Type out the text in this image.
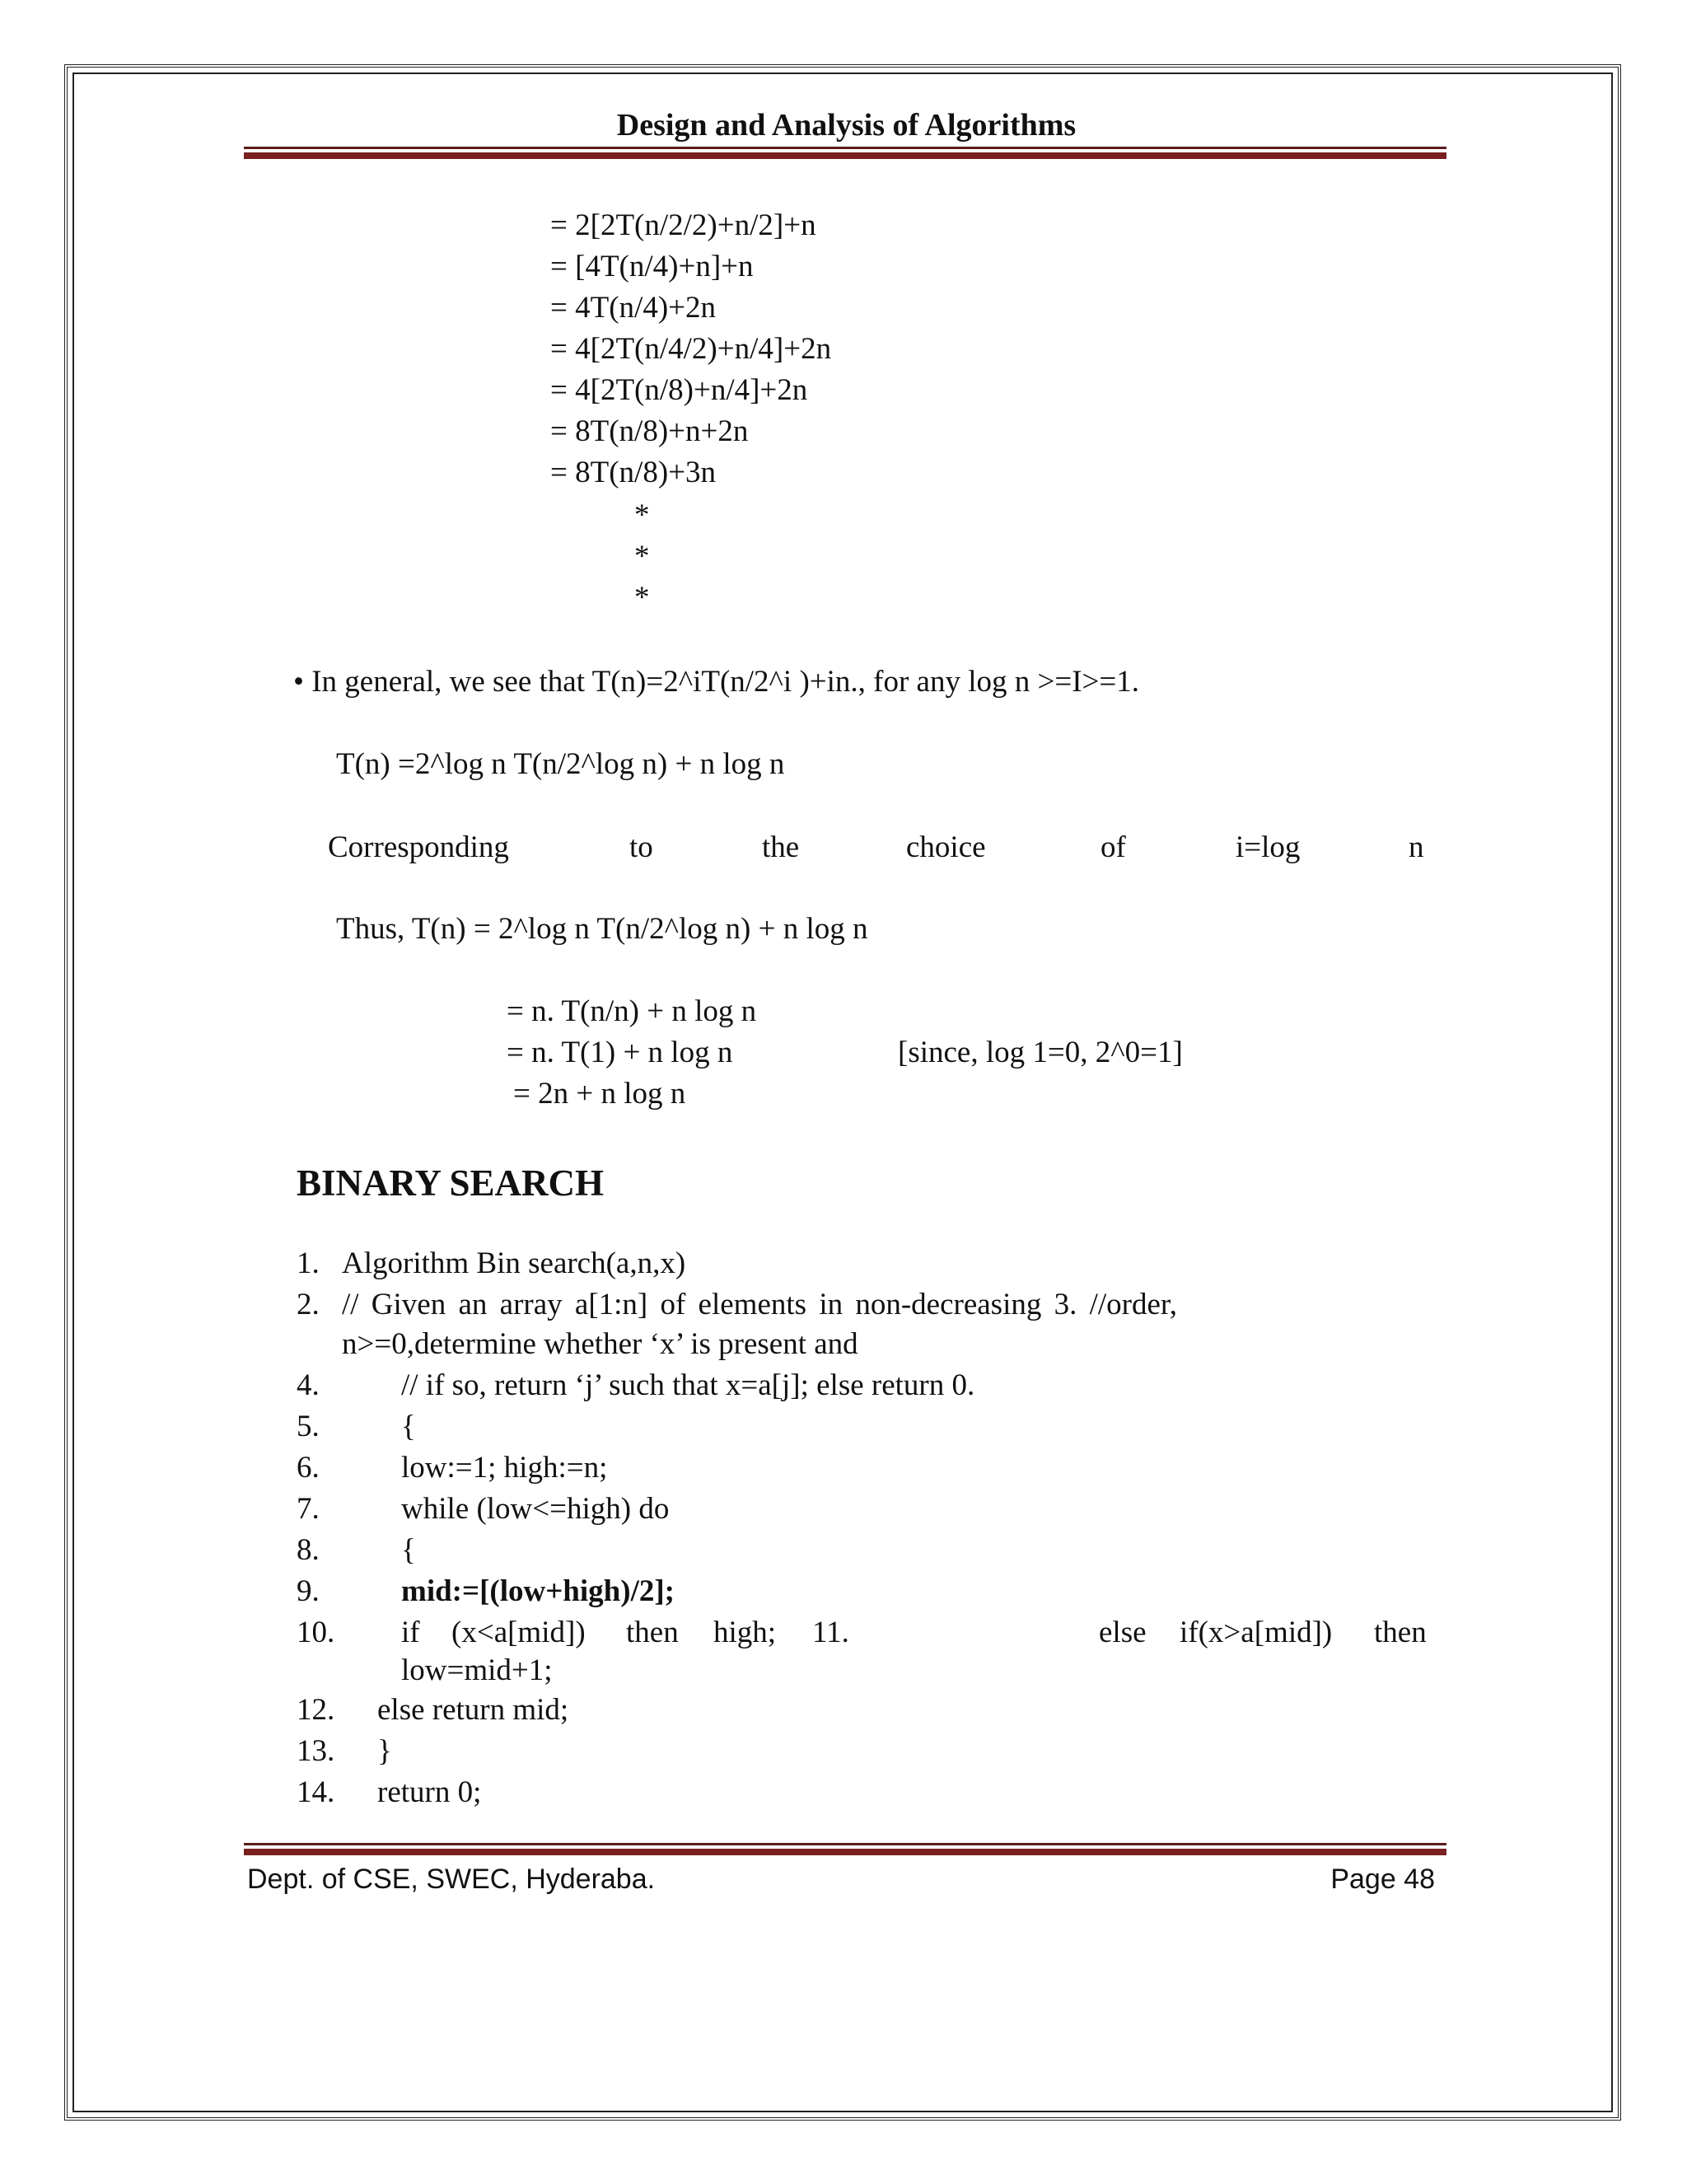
Design and Analysis of Algorithms
= 2[2T(n/2/2)+n/2]+n
= [4T(n/4)+n]+n
= 4T(n/4)+2n
= 4[2T(n/4/2)+n/4]+2n
= 4[2T(n/8)+n/4]+2n
= 8T(n/8)+n+2n
= 8T(n/8)+3n
*
*
*
• In general, we see that T(n)=2^iT(n/2^i )+in., for any log n >=I>=1.
T(n) =2^log n T(n/2^log n) + n log n
Corresponding	to	the	choice	of	i=log	n
Thus, T(n) = 2^log n T(n/2^log n) + n log n
= n. T(n/n) + n log n
= n. T(1) + n log n	[since, log 1=0, 2^0=1]
= 2n + n log n
BINARY SEARCH
1. Algorithm Bin search(a,n,x)
2. // Given an array a[1:n] of elements in non-decreasing 3. //order,
n>=0,determine whether ‘x’ is present and
4.	// if so, return ‘j’ such that x=a[j]; else return 0.
5.	{
6.	low:=1; high:=n;
7.	while (low<=high) do
8.	{
9.	mid:=[(low+high)/2];
10. if (x<a[mid]) then high; 11.	else if(x>a[mid]) then
low=mid+1;
12. else return mid;
13. }
14. return 0;
Dept. of CSE, SWEC, Hyderaba.	Page 48
